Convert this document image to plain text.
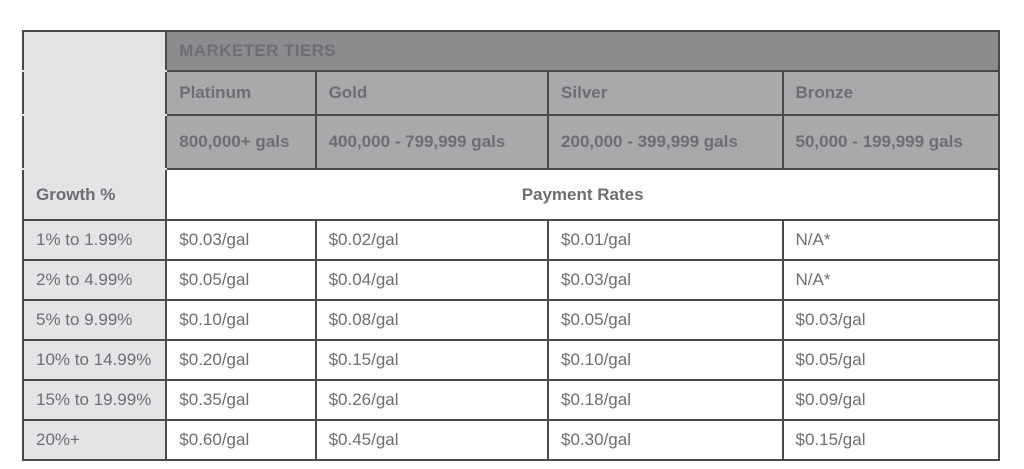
	MARKETER TIERS			
	Platinum	Gold	Silver	Bronze
	800,000+ gals	400,000 - 799,999 gals	200,000 - 399,999 gals	50,000 - 199,999 gals
Growth %	Payment Rates			
1% to 1.99%	$0.03/gal	$0.02/gal	$0.01/gal	N/A*
2% to 4.99%	$0.05/gal	$0.04/gal	$0.03/gal	N/A*
5% to 9.99%	$0.10/gal	$0.08/gal	$0.05/gal	$0.03/gal
10% to 14.99%	$0.20/gal	$0.15/gal	$0.10/gal	$0.05/gal
15% to 19.99%	$0.35/gal	$0.26/gal	$0.18/gal	$0.09/gal
20%+	$0.60/gal	$0.45/gal	$0.30/gal	$0.15/gal
